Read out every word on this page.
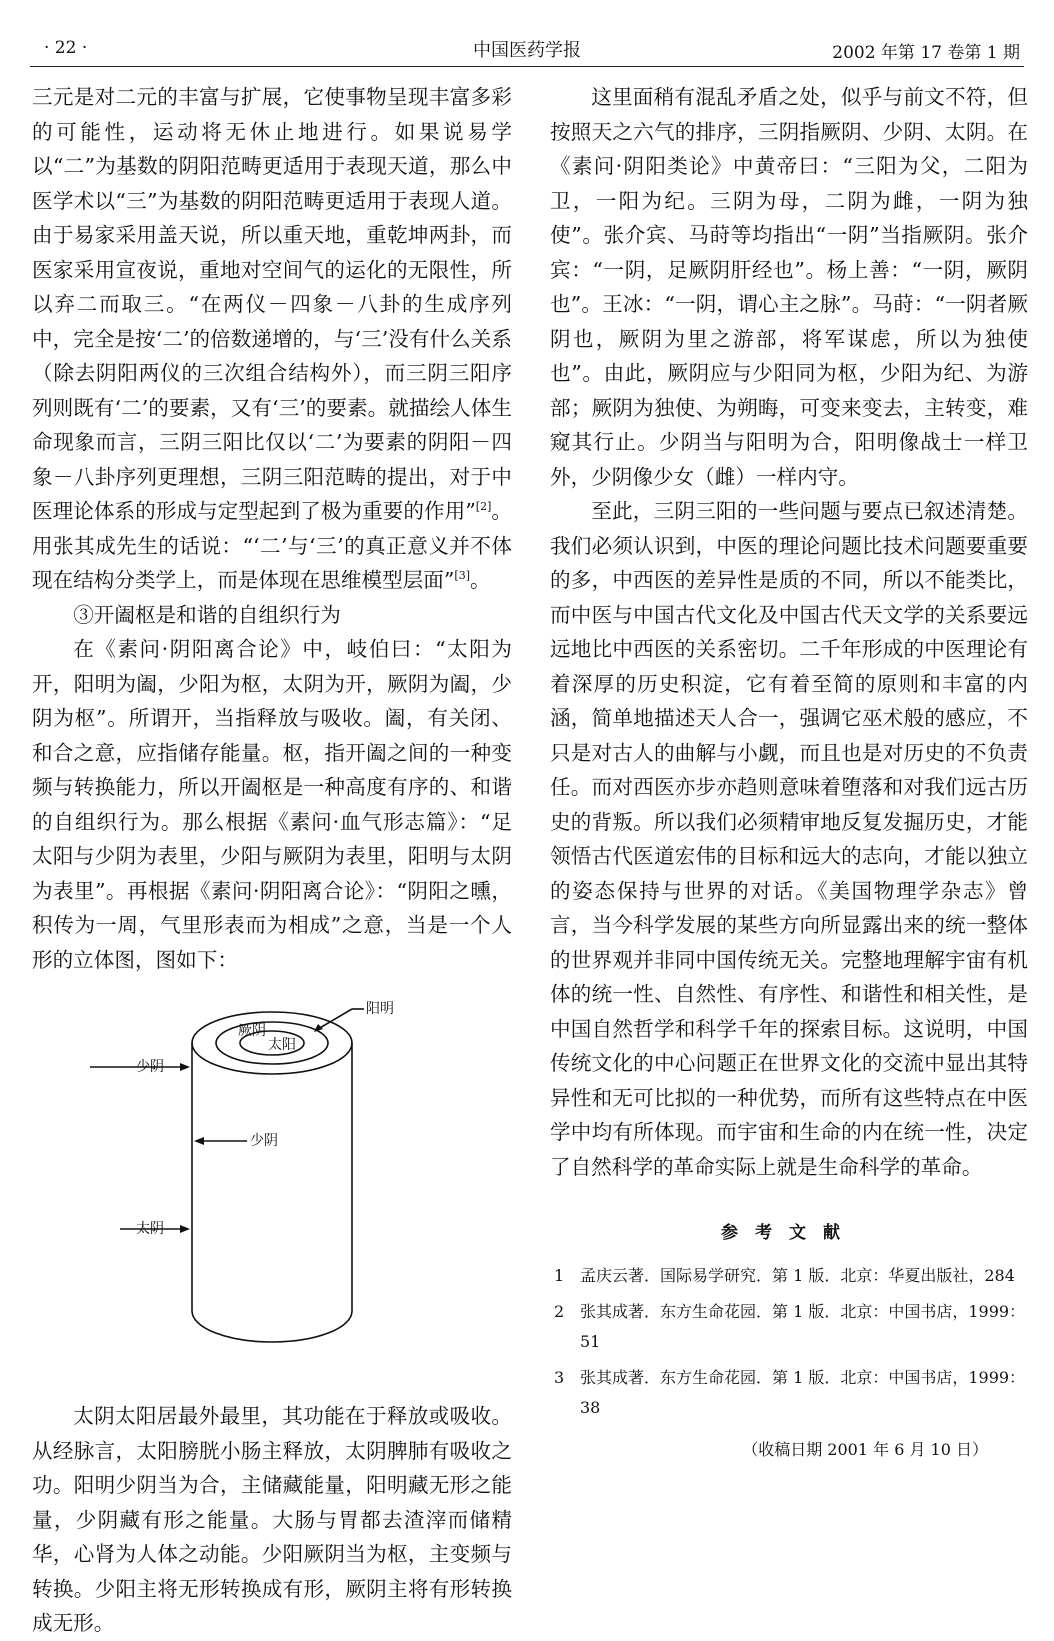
· 22 ·	中国医药学报	2002 年第 17 卷第 1 期

三元是对二元的丰富与扩展，它使事物呈现丰富多彩的可能性，运动将无休止地进行。如果说易学以“二”为基数的阴阳范畴更适用于表现天道，那么中医学术以“三”为基数的阴阳范畴更适用于表现人道。由于易家采用盖天说，所以重天地，重乾坤两卦，而医家采用宣夜说，重地对空间气的运化的无限性，所以弃二而取三。“在两仪－四象－八卦的生成序列中，完全是按‘二’的倍数递增的，与‘三’没有什么关系（除去阴阳两仪的三次组合结构外），而三阴三阳序列则既有‘二’的要素，又有‘三’的要素。就描绘人体生命现象而言，三阴三阳比仅以‘二’为要素的阴阳－四象－八卦序列更理想，三阴三阳范畴的提出，对于中医理论体系的形成与定型起到了极为重要的作用”[2]。用张其成先生的话说：“‘二’与‘三’的真正意义并不体现在结构分类学上，而是体现在思维模型层面”[3]。

③开阖枢是和谐的自组织行为

在《素问·阴阳离合论》中，岐伯曰：“太阳为开，阳明为阖，少阳为枢，太阴为开，厥阴为阖，少阴为枢”。所谓开，当指释放与吸收。阖，有关闭、和合之意，应指储存能量。枢，指开阖之间的一种变频与转换能力，所以开阖枢是一种高度有序的、和谐的自组织行为。那么根据《素问·血气形志篇》：“足太阳与少阴为表里，少阳与厥阴为表里，阳明与太阴为表里”。再根据《素问·阴阳离合论》：“阴阳之曛，积传为一周，气里形表而为相成”之意，当是一个人形的立体图，图如下：

阳明
厥阴
太阳
少阴
少阴
太阴

太阴太阳居最外最里，其功能在于释放或吸收。从经脉言，太阳膀胱小肠主释放，太阴脾肺有吸收之功。阳明少阴当为合，主储藏能量，阳明藏无形之能量，少阴藏有形之能量。大肠与胃都去渣滓而储精华，心肾为人体之动能。少阳厥阴当为枢，主变频与转换。少阳主将无形转换成有形，厥阴主将有形转换成无形。

这里面稍有混乱矛盾之处，似乎与前文不符，但按照天之六气的排序，三阴指厥阴、少阴、太阴。在《素问·阴阳类论》中黄帝曰：“三阳为父，二阳为卫，一阳为纪。三阴为母，二阴为雌，一阴为独使”。张介宾、马莳等均指出“一阴”当指厥阴。张介宾：“一阴，足厥阴肝经也”。杨上善：“一阴，厥阴也”。王冰：“一阴，谓心主之脉”。马莳：“一阴者厥阴也，厥阴为里之游部，将军谋虑，所以为独使也”。由此，厥阴应与少阳同为枢，少阳为纪、为游部；厥阴为独使、为朔晦，可变来变去，主转变，难窥其行止。少阴当与阳明为合，阳明像战士一样卫外，少阴像少女（雌）一样内守。

至此，三阴三阳的一些问题与要点已叙述清楚。我们必须认识到，中医的理论问题比技术问题要重要的多，中西医的差异性是质的不同，所以不能类比，而中医与中国古代文化及中国古代天文学的关系要远远地比中西医的关系密切。二千年形成的中医理论有着深厚的历史积淀，它有着至简的原则和丰富的内涵，简单地描述天人合一，强调它巫术般的感应，不只是对古人的曲解与小觑，而且也是对历史的不负责任。而对西医亦步亦趋则意味着堕落和对我们远古历史的背叛。所以我们必须精审地反复发掘历史，才能领悟古代医道宏伟的目标和远大的志向，才能以独立的姿态保持与世界的对话。《美国物理学杂志》曾言，当今科学发展的某些方向所显露出来的统一整体的世界观并非同中国传统无关。完整地理解宇宙有机体的统一性、自然性、有序性、和谐性和相关性，是中国自然哲学和科学千年的探索目标。这说明，中国传统文化的中心问题正在世界文化的交流中显出其特异性和无可比拟的一种优势，而所有这些特点在中医学中均有所体现。而宇宙和生命的内在统一性，决定了自然科学的革命实际上就是生命科学的革命。

参考文献
1 孟庆云著．国际易学研究．第 1 版．北京：华夏出版社，284
2 张其成著．东方生命花园．第 1 版．北京：中国书店，1999：51
3 张其成著．东方生命花园．第 1 版．北京：中国书店，1999：38
（收稿日期 2001 年 6 月 10 日）
